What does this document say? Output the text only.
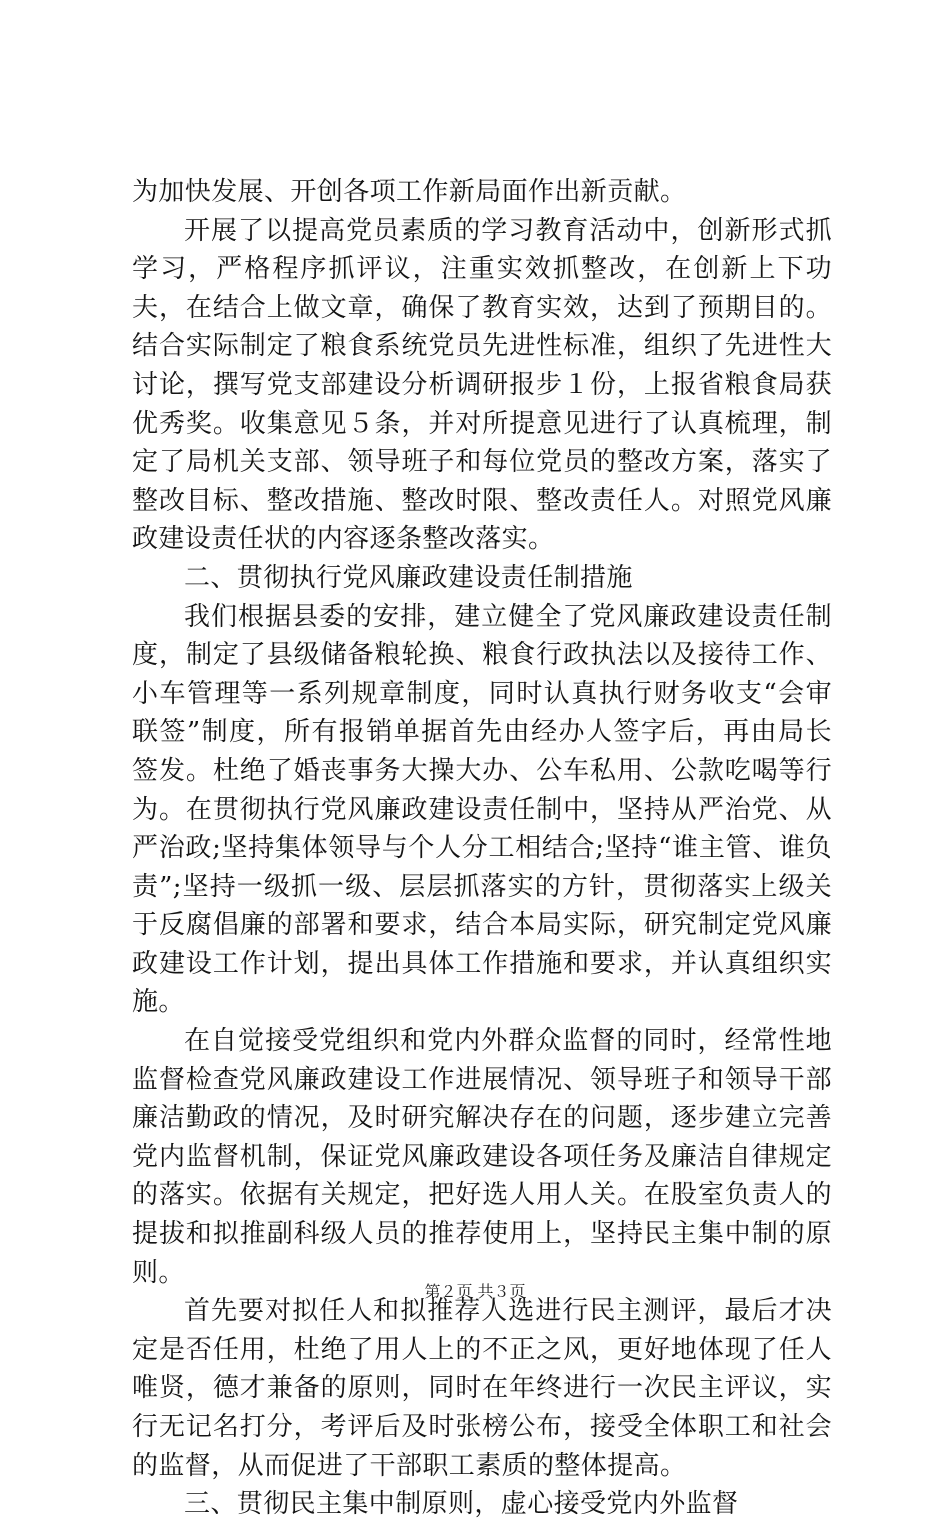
为加快发展、开创各项工作新局面作出新贡献。

开展了以提高党员素质的学习教育活动中，创新形式抓学习，严格程序抓评议，注重实效抓整改，在创新上下功夫，在结合上做文章，确保了教育实效，达到了预期目的。结合实际制定了粮食系统党员先进性标准，组织了先进性大讨论，撰写党支部建设分析调研报步１份，上报省粮食局获优秀奖。收集意见５条，并对所提意见进行了认真梳理，制定了局机关支部、领导班子和每位党员的整改方案，落实了整改目标、整改措施、整改时限、整改责任人。对照党风廉政建设责任状的内容逐条整改落实。

二、贯彻执行党风廉政建设责任制措施

我们根据县委的安排，建立健全了党风廉政建设责任制度，制定了县级储备粮轮换、粮食行政执法以及接待工作、小车管理等一系列规章制度，同时认真执行财务收支“会审联签”制度，所有报销单据首先由经办人签字后，再由局长签发。杜绝了婚丧事务大操大办、公车私用、公款吃喝等行为。在贯彻执行党风廉政建设责任制中，坚持从严治党、从严治政;坚持集体领导与个人分工相结合;坚持“谁主管、谁负责”;坚持一级抓一级、层层抓落实的方针，贯彻落实上级关于反腐倡廉的部署和要求，结合本局实际，研究制定党风廉政建设工作计划，提出具体工作措施和要求，并认真组织实施。

在自觉接受党组织和党内外群众监督的同时，经常性地监督检查党风廉政建设工作进展情况、领导班子和领导干部廉洁勤政的情况，及时研究解决存在的问题，逐步建立完善党内监督机制，保证党风廉政建设各项任务及廉洁自律规定的落实。依据有关规定，把好选人用人关。在股室负责人的提拔和拟推副科级人员的推荐使用上，坚持民主集中制的原则。

首先要对拟任人和拟推荐人选进行民主测评，最后才决定是否任用，杜绝了用人上的不正之风，更好地体现了任人唯贤，德才兼备的原则，同时在年终进行一次民主评议，实行无记名打分，考评后及时张榜公布，接受全体职工和社会的监督，从而促进了干部职工素质的整体提高。

三、贯彻民主集中制原则，虚心接受党内外监督

第２页 共３页
